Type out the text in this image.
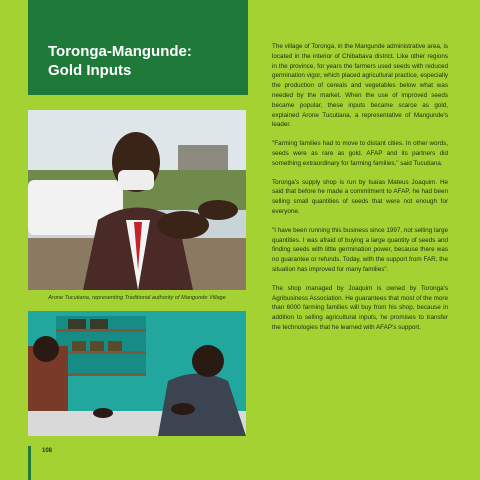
Toronga-Mangunde:
Gold Inputs
Arone Tucutiana, representing Traditional authority of Mangunde Village
108

The village of Toronga, in the Mangunde administrative area, is located in the interior of Chibabava district. Like other regions in the province, for years the farmers used seeds with reduced germination vigor, which placed agricultural practice, especially the production of cereals and vegetables below what was needed by the market. When the use of improved seeds became popular, these inputs became scarce as gold, explained Arone Tucutiana, a representative of Mangunde's leader.

"Farming families had to move to distant cities. In other words, seeds were as rare as gold. AFAP and its partners did something extraordinary for farming families," said Tucutiana.

Toronga's supply shop is run by Isaías Mateus Joaquim. He said that before he made a commitment to AFAP, he had been selling small quantities of seeds that were not enough for everyone.

"I have been running this business since 1997, not selling large quantities. I was afraid of buying a large quantity of seeds and finding seeds with little germination power, because there was no guarantee or refunds. Today, with the support from FAR, the situation has improved for many families".

The shop managed by Joaquim is owned by Toronga's Agribusiness Association. He guarantees that most of the more than 6000 farming families will buy from his shop, because in addition to selling agricultural inputs, he promises to transfer the technologies that he learned with AFAP's support.
